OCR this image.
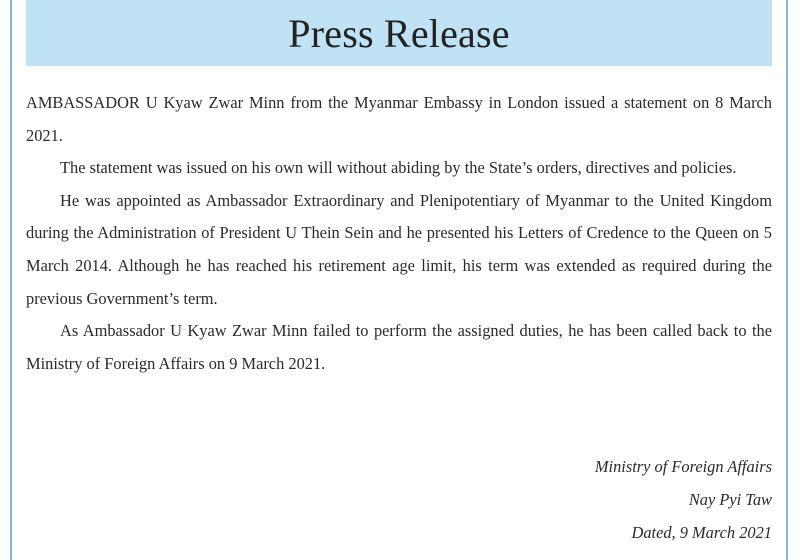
Press Release

AMBASSADOR U Kyaw Zwar Minn from the Myanmar Embassy in London issued a statement on 8 March 2021.

The statement was issued on his own will without abiding by the State’s orders, directives and policies.

He was appointed as Ambassador Extraordinary and Plenipotentiary of Myanmar to the United Kingdom during the Administration of President U Thein Sein and he presented his Letters of Credence to the Queen on 5 March 2014. Although he has reached his retirement age limit, his term was extended as required during the previous Government’s term.

As Ambassador U Kyaw Zwar Minn failed to perform the assigned duties, he has been called back to the Ministry of Foreign Affairs on 9 March 2021.

Ministry of Foreign Affairs
Nay Pyi Taw
Dated, 9 March 2021
